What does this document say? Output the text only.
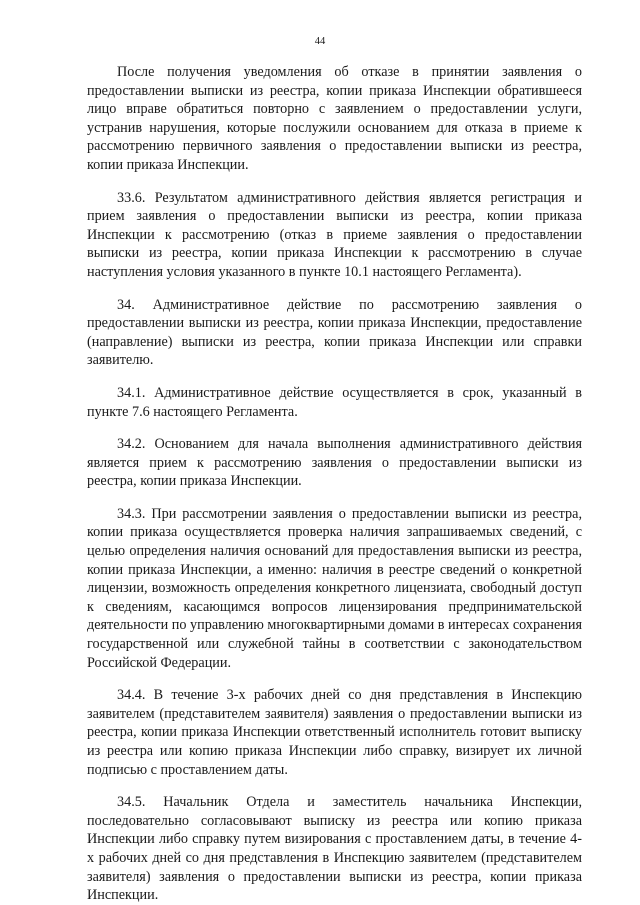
44

После получения уведомления об отказе в принятии заявления о предоставлении выписки из реестра, копии приказа Инспекции обратившееся лицо вправе обратиться повторно с заявлением о предоставлении услуги, устранив нарушения, которые послужили основанием для отказа в приеме к рассмотрению первичного заявления о предоставлении выписки из реестра, копии приказа Инспекции.

33.6. Результатом административного действия является регистрация и прием заявления о предоставлении выписки из реестра, копии приказа Инспекции к рассмотрению (отказ в приеме заявления о предоставлении выписки из реестра, копии приказа Инспекции к рассмотрению в случае наступления условия указанного в пункте 10.1 настоящего Регламента).

34. Административное действие по рассмотрению заявления о предоставлении выписки из реестра, копии приказа Инспекции, предоставление (направление) выписки из реестра, копии приказа Инспекции или справки заявителю.

34.1. Административное действие осуществляется в срок, указанный в пункте 7.6 настоящего Регламента.

34.2. Основанием для начала выполнения административного действия является прием к рассмотрению заявления о предоставлении выписки из реестра, копии приказа Инспекции.

34.3. При рассмотрении заявления о предоставлении выписки из реестра, копии приказа осуществляется проверка наличия запрашиваемых сведений, с целью определения наличия оснований для предоставления выписки из реестра, копии приказа Инспекции, а именно: наличия в реестре сведений о конкретной лицензии, возможность определения конкретного лицензиата, свободный доступ к сведениям, касающимся вопросов лицензирования предпринимательской деятельности по управлению многоквартирными домами в интересах сохранения государственной или служебной тайны в соответствии с законодательством Российской Федерации.

34.4. В течение 3-х рабочих дней со дня представления в Инспекцию заявителем (представителем заявителя) заявления о предоставлении выписки из реестра, копии приказа Инспекции ответственный исполнитель готовит выписку из реестра или копию приказа Инспекции либо справку, визирует их личной подписью с проставлением даты.

34.5. Начальник Отдела и заместитель начальника Инспекции, последовательно согласовывают выписку из реестра или копию приказа Инспекции либо справку путем визирования с проставлением даты, в течение 4-х рабочих дней со дня представления в Инспекцию заявителем (представителем заявителя) заявления о предоставлении выписки из реестра, копии приказа Инспекции.
